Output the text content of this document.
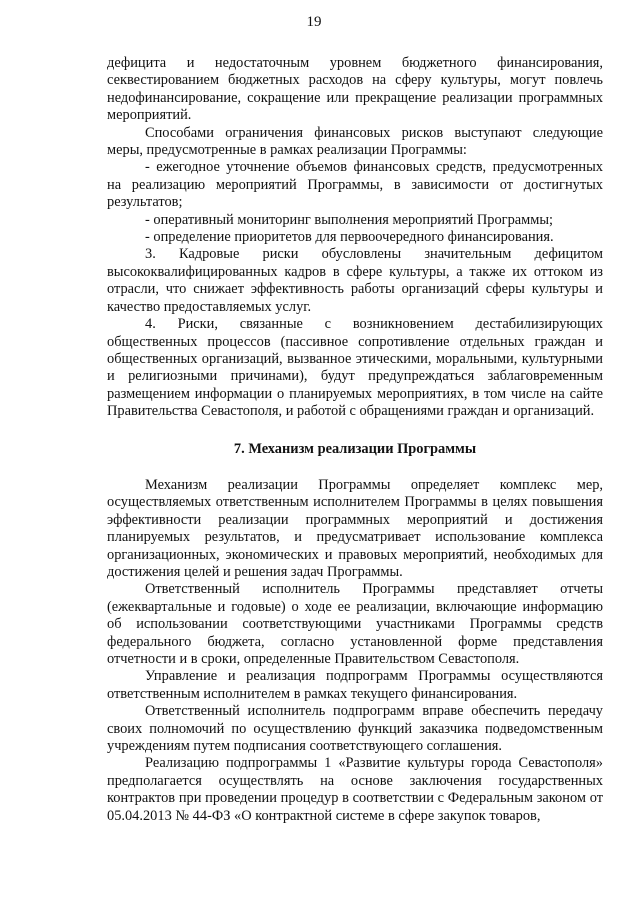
19

дефицита и недостаточным уровнем бюджетного финансирования, секвестированием бюджетных расходов на сферу культуры, могут повлечь недофинансирование, сокращение или прекращение реализации программных мероприятий.

Способами ограничения финансовых рисков выступают следующие меры, предусмотренные в рамках реализации Программы:

- ежегодное уточнение объемов финансовых средств, предусмотренных на реализацию мероприятий Программы, в зависимости от достигнутых результатов;

- оперативный мониторинг выполнения мероприятий Программы;

- определение приоритетов для первоочередного финансирования.

3. Кадровые риски обусловлены значительным дефицитом высококвалифицированных кадров в сфере культуры, а также их оттоком из отрасли, что снижает эффективность работы организаций сферы культуры и качество предоставляемых услуг.

4. Риски, связанные с возникновением дестабилизирующих общественных процессов (пассивное сопротивление отдельных граждан и общественных организаций, вызванное этическими, моральными, культурными и религиозными причинами), будут предупреждаться заблаговременным размещением информации о планируемых мероприятиях, в том числе на сайте Правительства Севастополя, и работой с обращениями граждан и организаций.

7. Механизм реализации Программы

Механизм реализации Программы определяет комплекс мер, осуществляемых ответственным исполнителем Программы в целях повышения эффективности реализации программных мероприятий и достижения планируемых результатов, и предусматривает использование комплекса организационных, экономических и правовых мероприятий, необходимых для достижения целей и решения задач Программы.

Ответственный исполнитель Программы представляет отчеты (ежеквартальные и годовые) о ходе ее реализации, включающие информацию об использовании соответствующими участниками Программы средств федерального бюджета, согласно установленной форме представления отчетности и в сроки, определенные Правительством Севастополя.

Управление и реализация подпрограмм Программы осуществляются ответственным исполнителем в рамках текущего финансирования.

Ответственный исполнитель подпрограмм вправе обеспечить передачу своих полномочий по осуществлению функций заказчика подведомственным учреждениям путем подписания соответствующего соглашения.

Реализацию подпрограммы 1 «Развитие культуры города Севастополя» предполагается осуществлять на основе заключения государственных контрактов при проведении процедур в соответствии с Федеральным законом от 05.04.2013 № 44-ФЗ «О контрактной системе в сфере закупок товаров,
